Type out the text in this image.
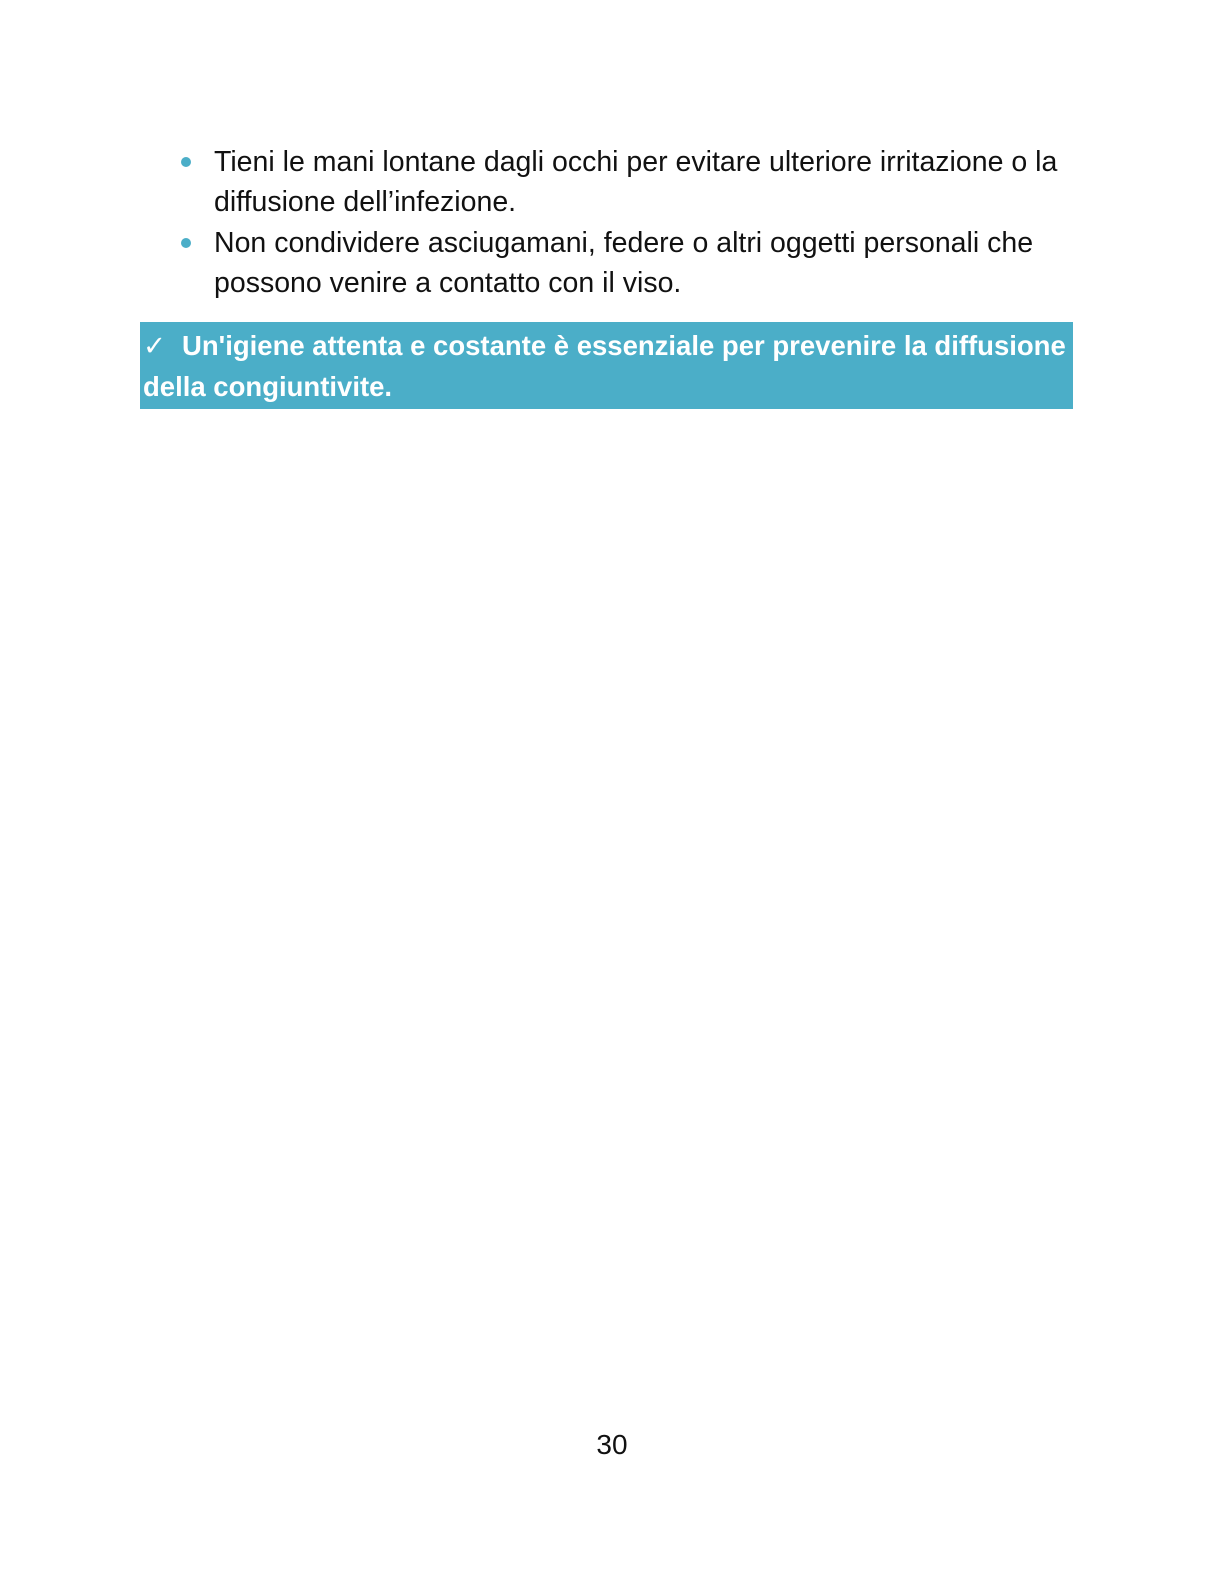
Tieni le mani lontane dagli occhi per evitare ulteriore irritazione o la diffusione dell’infezione.
Non condividere asciugamani, federe o altri oggetti personali che possono venire a contatto con il viso.
✓ Un'igiene attenta e costante è essenziale per prevenire la diffusione della congiuntivite.
30
